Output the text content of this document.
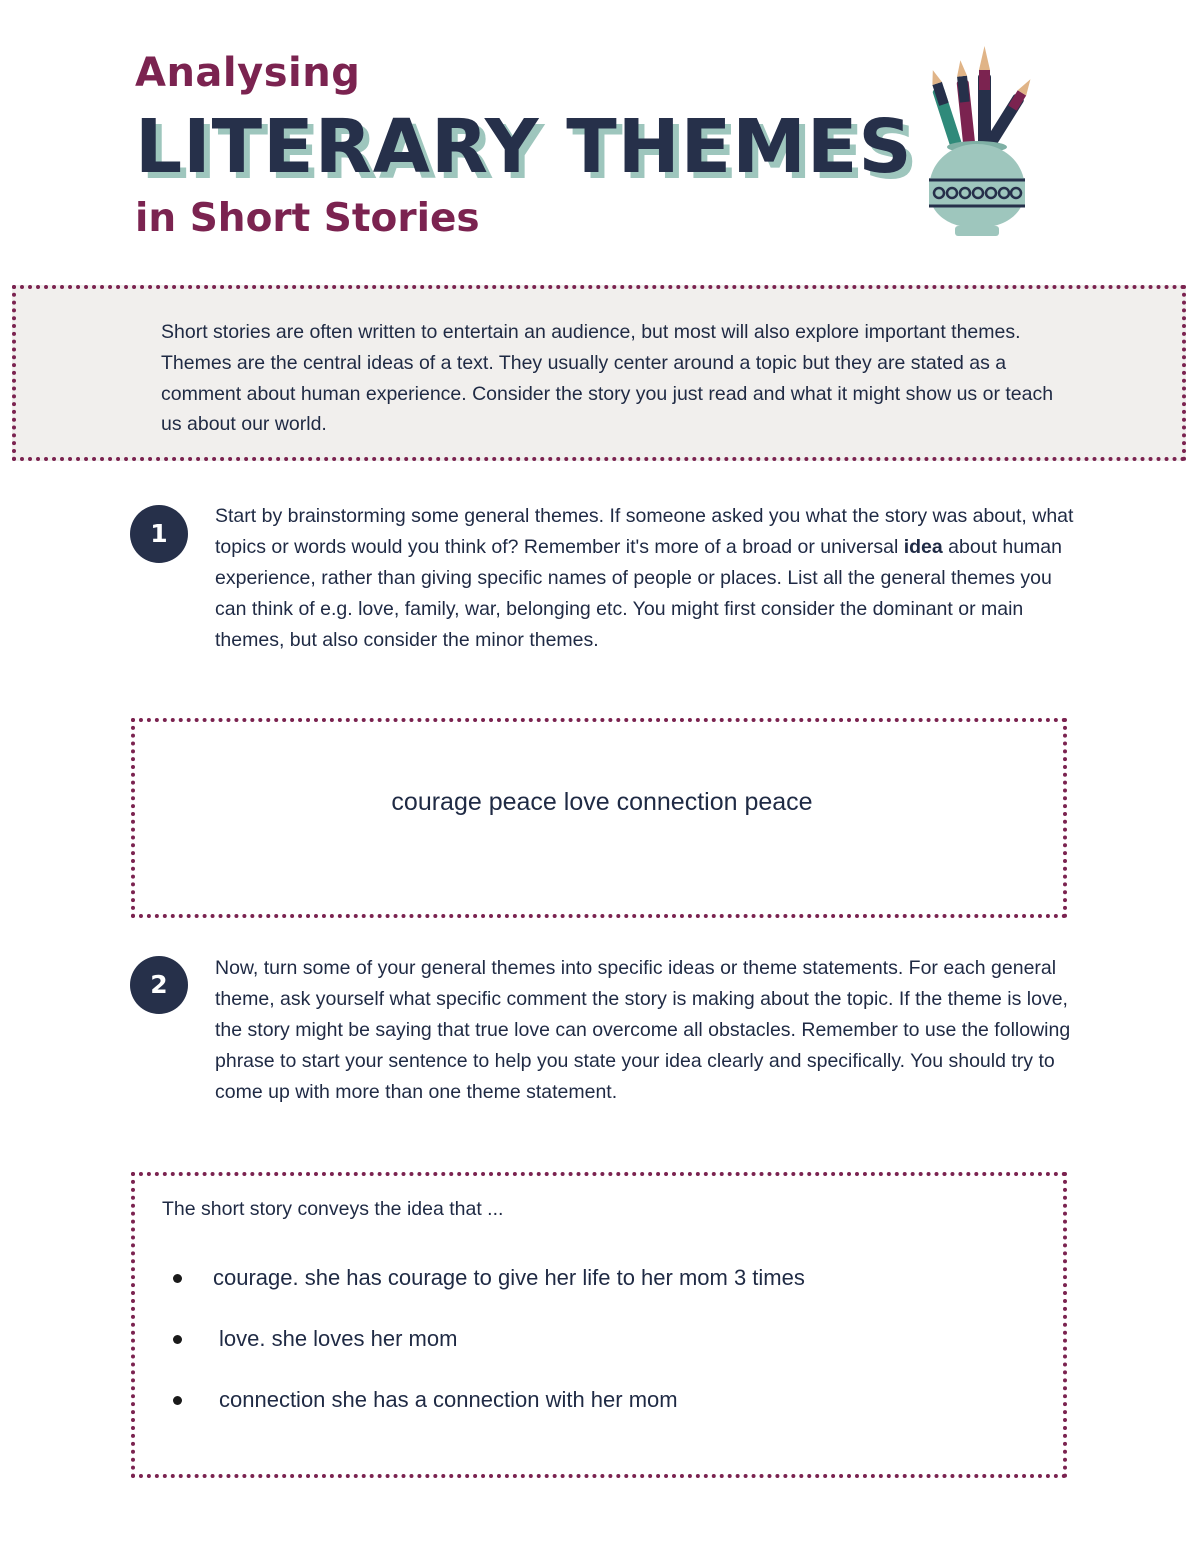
Analysing
LITERARY THEMES
in Short Stories
Short stories are often written to entertain an audience, but most will also explore important themes. Themes are the central ideas of a text. They usually center around a topic but they are stated as a comment about human experience. Consider the story you just read and what it might show us or teach us about our world.
1
Start by brainstorming some general themes. If someone asked you what the story was about, what topics or words would you think of? Remember it's more of a broad or universal idea about human experience, rather than giving specific names of people or places. List all the general themes you can think of e.g. love, family, war, belonging etc. You might first consider the dominant or main themes, but also consider the minor themes.
courage peace love connection peace
2
Now, turn some of your general themes into specific ideas or theme statements. For each general theme, ask yourself what specific comment the story is making about the topic. If the theme is love, the story might be saying that true love can overcome all obstacles. Remember to use the following phrase to start your sentence to help you state your idea clearly and specifically. You should try to come up with more than one theme statement.
The short story conveys the idea that ...
courage. she has courage to give her life to her mom 3 times
love. she loves her mom
connection she has a connection with her mom
